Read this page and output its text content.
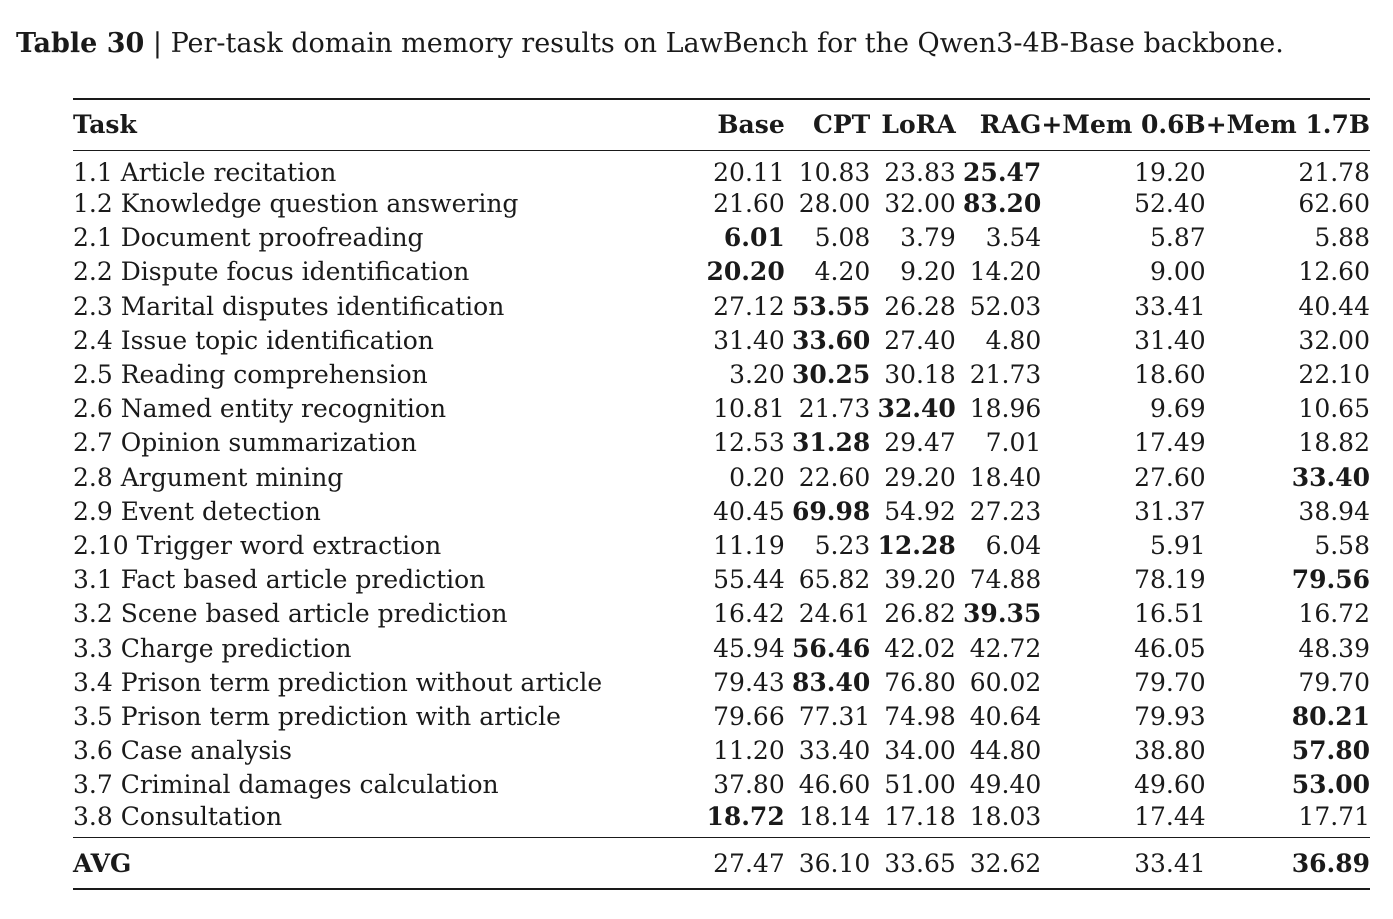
Table 30 | Per-task domain memory results on LawBench for the Qwen3-4B-Base backbone.
Task	Base	CPT	LoRA	RAG	+Mem 0.6B	+Mem 1.7B
1.1 Article recitation	20.11	10.83	23.83	25.47	19.20	21.78
1.2 Knowledge question answering	21.60	28.00	32.00	83.20	52.40	62.60
2.1 Document proofreading	6.01	5.08	3.79	3.54	5.87	5.88
2.2 Dispute focus identification	20.20	4.20	9.20	14.20	9.00	12.60
2.3 Marital disputes identification	27.12	53.55	26.28	52.03	33.41	40.44
2.4 Issue topic identification	31.40	33.60	27.40	4.80	31.40	32.00
2.5 Reading comprehension	3.20	30.25	30.18	21.73	18.60	22.10
2.6 Named entity recognition	10.81	21.73	32.40	18.96	9.69	10.65
2.7 Opinion summarization	12.53	31.28	29.47	7.01	17.49	18.82
2.8 Argument mining	0.20	22.60	29.20	18.40	27.60	33.40
2.9 Event detection	40.45	69.98	54.92	27.23	31.37	38.94
2.10 Trigger word extraction	11.19	5.23	12.28	6.04	5.91	5.58
3.1 Fact based article prediction	55.44	65.82	39.20	74.88	78.19	79.56
3.2 Scene based article prediction	16.42	24.61	26.82	39.35	16.51	16.72
3.3 Charge prediction	45.94	56.46	42.02	42.72	46.05	48.39
3.4 Prison term prediction without article	79.43	83.40	76.80	60.02	79.70	79.70
3.5 Prison term prediction with article	79.66	77.31	74.98	40.64	79.93	80.21
3.6 Case analysis	11.20	33.40	34.00	44.80	38.80	57.80
3.7 Criminal damages calculation	37.80	46.60	51.00	49.40	49.60	53.00
3.8 Consultation	18.72	18.14	17.18	18.03	17.44	17.71
AVG	27.47	36.10	33.65	32.62	33.41	36.89
